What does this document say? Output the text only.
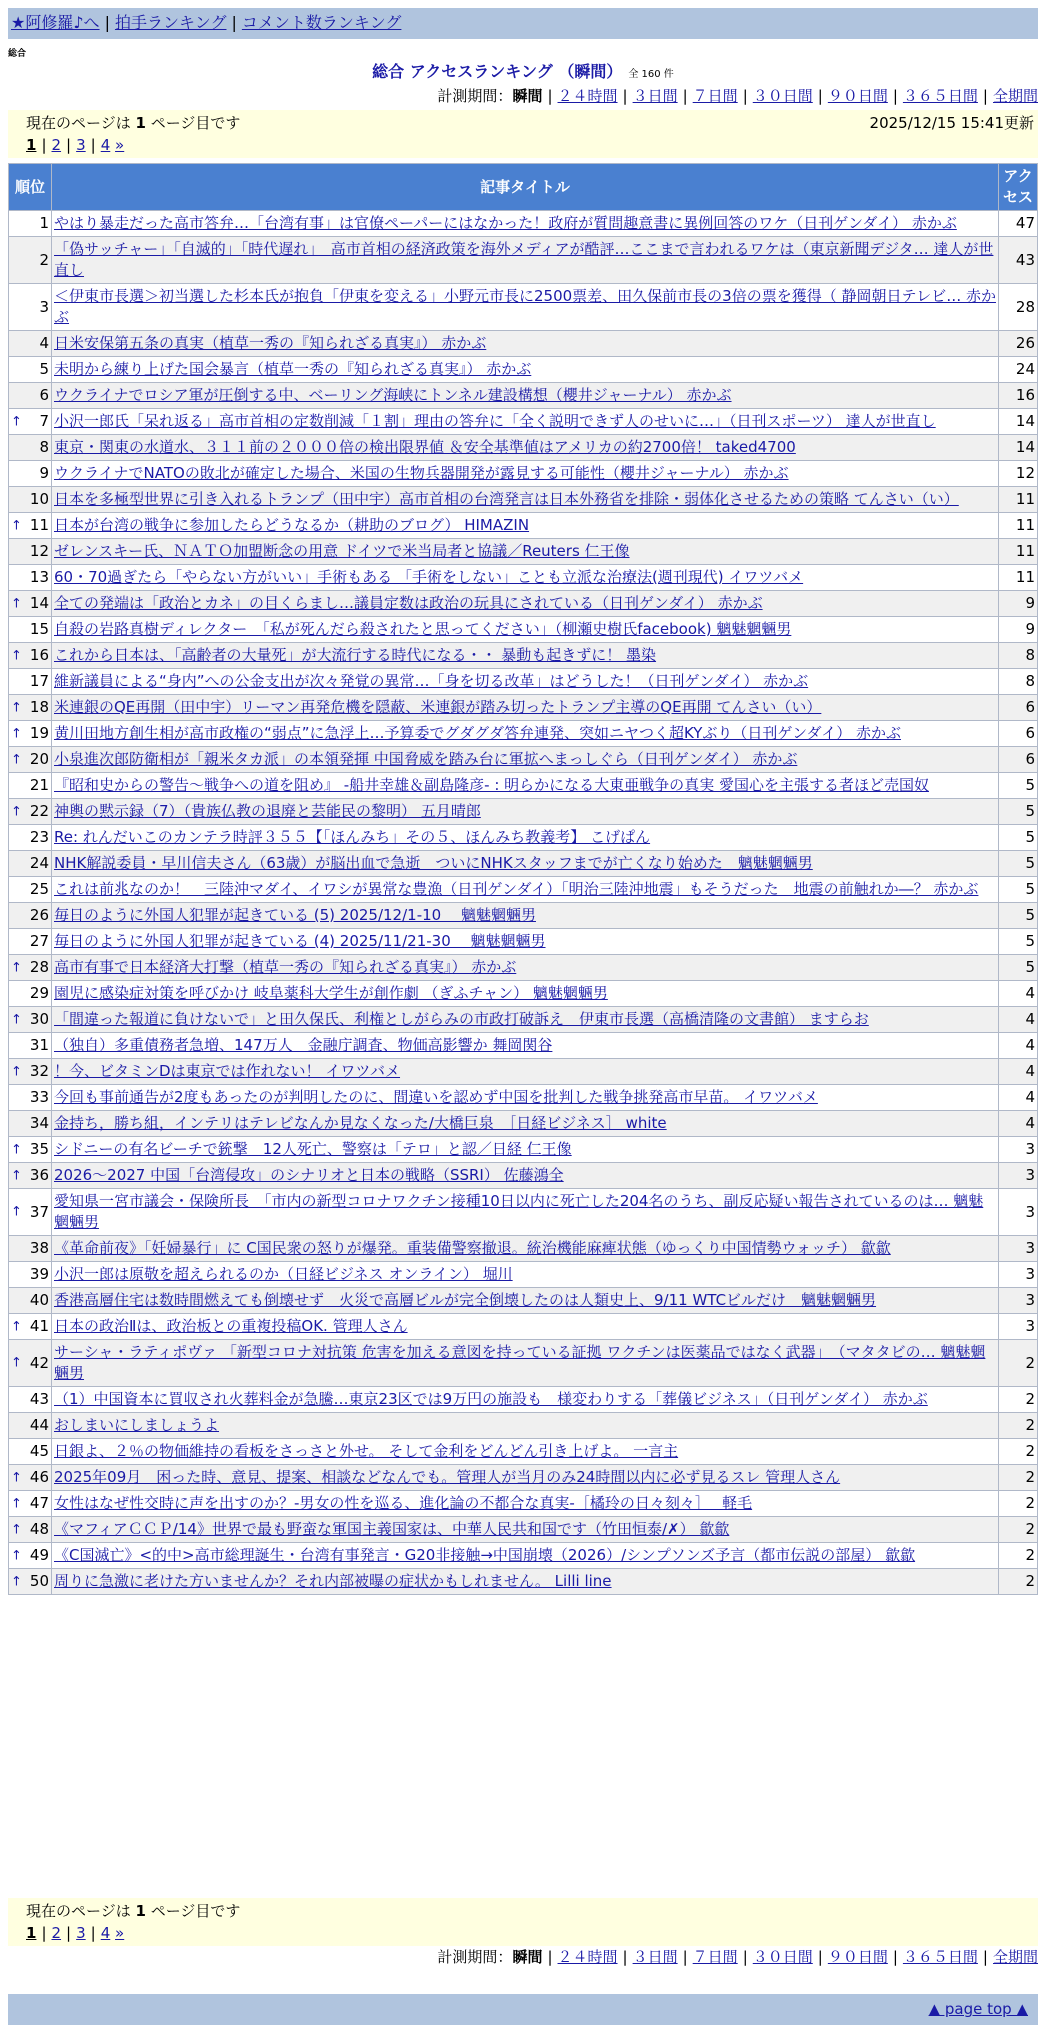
★阿修羅♪へ | 拍手ランキング | コメント数ランキング
総合
総合 アクセスランキング （瞬間） 全 160 件
計測期間：瞬間 | ２４時間 | ３日間 | ７日間 | ３０日間 | ９０日間 | ３６５日間 | 全期間
現在のページは 1 ページ目です	2025/12/15 15:41更新
1 | 2 | 3 | 4 »
順位	記事タイトル	アクセス
1	やはり暴走だった高市答弁…「台湾有事」は官僚ペーパーにはなかった！政府が質問趣意書に異例回答のワケ（日刊ゲンダイ） 赤かぶ	47
2	「偽サッチャー」「自滅的」「時代遅れ」　高市首相の経済政策を海外メディアが酷評…ここまで言われるワケは（東京新聞デジタ… 達人が世直し	43
3	＜伊東市長選＞初当選した杉本氏が抱負「伊東を変える」小野元市長に2500票差、田久保前市長の3倍の票を獲得（ 静岡朝日テレビ… 赤かぶ	28
4	日米安保第五条の真実（植草一秀の『知られざる真実』） 赤かぶ	26
5	未明から練り上げた国会暴言（植草一秀の『知られざる真実』） 赤かぶ	24
6	ウクライナでロシア軍が圧倒する中、ベーリング海峡にトンネル建設構想（櫻井ジャーナル） 赤かぶ	16

↑ 7	小沢一郎氏「呆れ返る」高市首相の定数削減「１割」理由の答弁に「全く説明できず人のせいに…」（日刊スポーツ） 達人が世直し	14
8	東京・関東の水道水、３１１前の２０００倍の検出限界値 ＆安全基準値はアメリカの約2700倍！ taked4700	14
9	ウクライナでNATOの敗北が確定した場合、米国の生物兵器開発が露見する可能性（櫻井ジャーナル） 赤かぶ	12
10	日本を多極型世界に引き入れるトランプ（田中宇）高市首相の台湾発言は日本外務省を排除・弱体化させるための策略 てんさい（い）	11

↑ 11	日本が台湾の戦争に参加したらどうなるか（耕助のブログ） HIMAZIN	11
12	ゼレンスキー氏、ＮＡＴＯ加盟断念の用意 ドイツで米当局者と協議／Reuters 仁王像	11
13	60・70過ぎたら「やらない方がいい」手術もある 「手術をしない」ことも立派な治療法(週刊現代) イワツバメ	11

↑ 14	全ての発端は「政治とカネ」の目くらまし…議員定数は政治の玩具にされている（日刊ゲンダイ） 赤かぶ	9
15	自殺の岩路真樹ディレクター　「私が死んだら殺されたと思ってください」（柳瀬史樹氏facebook) 魑魅魍魎男	9

↑ 16	これから日本は、「高齢者の大量死」が大流行する時代になる・・ 暴動も起きずに！ 墨染	8
17	維新議員による“身内”への公金支出が次々発覚の異常…「身を切る改革」はどうした！（日刊ゲンダイ） 赤かぶ	8

↑ 18	米連銀のQE再開（田中宇）リーマン再発危機を隠蔽、米連銀が踏み切ったトランプ主導のQE再開 てんさい（い）	6

↑ 19	黄川田地方創生相が高市政権の“弱点”に急浮上…予算委でグダグダ答弁連発、突如ニヤつく超KYぶり（日刊ゲンダイ） 赤かぶ	6

↑ 20	小泉進次郎防衛相が「親米タカ派」の本領発揮 中国脅威を踏み台に軍拡へまっしぐら（日刊ゲンダイ） 赤かぶ	6
21	『昭和史からの警告〜戦争への道を阻め』 -船井幸雄＆副島隆彦- : 明らかになる大東亜戦争の真実 愛国心を主張する者ほど売国奴	5

↑ 22	神輿の黙示録（7）（貴族仏教の退廃と芸能民の黎明） 五月晴郎	5
23	Re: れんだいこのカンテラ時評３５５【「ほんみち」その５、ほんみち教義考】 こげぱん	5
24	NHK解説委員・早川信夫さん（63歳）が脳出血で急逝　ついにNHKスタッフまでが亡くなり始めた　魑魅魍魎男	5
25	これは前兆なのか！　三陸沖マダイ、イワシが異常な豊漁（日刊ゲンダイ）「明治三陸沖地震」もそうだった　地震の前触れか―？ 赤かぶ	5
26	毎日のように外国人犯罪が起きている (5) 2025/12/1-10　 魑魅魍魎男	5
27	毎日のように外国人犯罪が起きている (4) 2025/11/21-30　 魑魅魍魎男	5

↑ 28	高市有事で日本経済大打撃（植草一秀の『知られざる真実』） 赤かぶ	5
29	園児に感染症対策を呼びかけ 岐阜薬科大学生が創作劇 （ぎふチャン） 魑魅魍魎男	4

↑ 30	「間違った報道に負けないで」と田久保氏、利権としがらみの市政打破訴え　伊東市長選（高橋清隆の文書館） ますらお	4
31	（独自）多重債務者急増、147万人　金融庁調査、物価高影響か 舞岡関谷	4

↑ 32	！今、ビタミンDは東京では作れない！ イワツバメ	4
33	今回も事前通告が2度もあったのが判明したのに、間違いを認めず中国を批判した戦争挑発高市早苗。 イワツバメ	4
34	金持ち，勝ち組，インテリはテレビなんか見なくなった/大橋巨泉　［日経ビジネス］ white	4

↑ 35	シドニーの有名ビーチで銃撃　12人死亡、警察は「テロ」と認／日経 仁王像	3

↑ 36	2026～2027 中国「台湾侵攻」のシナリオと日本の戦略（SSRI） 佐藤鴻全	3

↑ 37	愛知県一宮市議会・保険所長　「市内の新型コロナワクチン接種10日以内に死亡した204名のうち、副反応疑い報告されているのは… 魑魅魍魎男	3
38	《革命前夜》「妊婦暴行」に C国民衆の怒りが爆発。重装備警察撤退。統治機能麻痺状態（ゆっくり中国情勢ウォッチ） 歙歙	3
39	小沢一郎は原敬を超えられるのか（日経ビジネス オンライン） 堀川	3
40	香港高層住宅は数時間燃えても倒壊せず　火災で高層ビルが完全倒壊したのは人類史上、9/11 WTCビルだけ　魑魅魍魎男	3

↑ 41	日本の政治Ⅱは、政治板との重複投稿OK. 管理人さん	3

↑ 42	サーシャ・ラティポヴァ 「新型コロナ対抗策 危害を加える意図を持っている証拠 ワクチンは医薬品ではなく武器」　（マタタビの… 魑魅魍魎男	2
43	（1）中国資本に買収され火葬料金が急騰…東京23区では9万円の施設も　様変わりする「葬儀ビジネス」（日刊ゲンダイ） 赤かぶ	2
44	おしまいにしましょうよ	2
45	日銀よ、２％の物価維持の看板をさっさと外せ。 そして金利をどんどん引き上げよ。 一言主	2

↑ 46	2025年09月　困った時、意見、提案、相談などなんでも。管理人が当月のみ24時間以内に必ず見るスレ 管理人さん	2

↑ 47	女性はなぜ性交時に声を出すのか？-男女の性を巡る、進化論の不都合な真実-［橘玲の日々刻々］　 軽毛	2

↑ 48	《マフィアＣＣＰ/14》世界で最も野蛮な軍国主義国家は、中華人民共和国です（竹田恒泰/✗） 歙歙	2

↑ 49	《C国滅亡》<的中>高市総理誕生・台湾有事発言・G20非接触→中国崩壊（2026）/シンプソンズ予言（都市伝説の部屋） 歙歙	2

↑ 50	周りに急激に老けた方いませんか？それ内部被曝の症状かもしれません。 Lilli line	2
現在のページは 1 ページ目です
1 | 2 | 3 | 4 »
計測期間：瞬間 | ２４時間 | ３日間 | ７日間 | ３０日間 | ９０日間 | ３６５日間 | 全期間
▲ page top ▲
